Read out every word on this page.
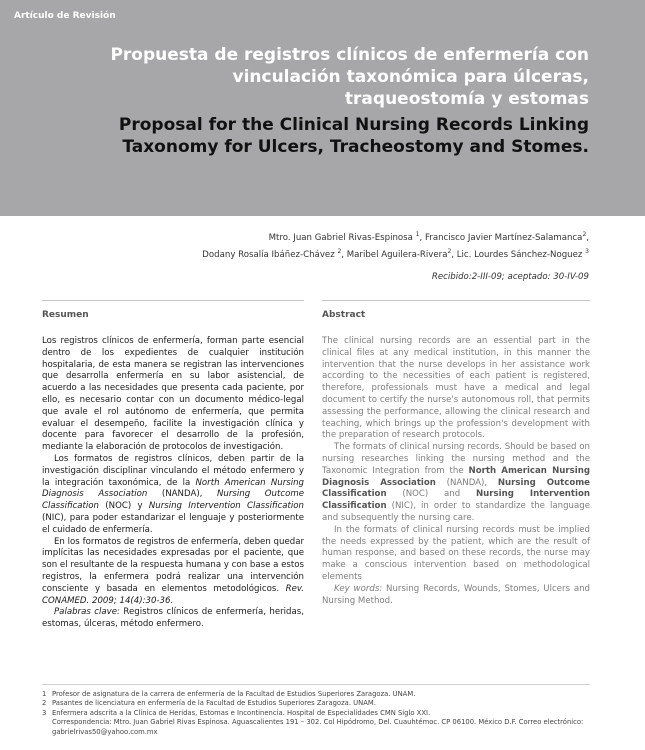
Artículo de Revisión
Propuesta de registros clínicos de enfermería con
vinculación taxonómica para úlceras,
traqueostomía y estomas
Proposal for the Clinical Nursing Records Linking
Taxonomy for Ulcers, Tracheostomy and Stomes.
Mtro. Juan Gabriel Rivas-Espinosa $^1$, Francisco Javier Martínez-Salamanca$^2$,
Dodany Rosalía Ibáñez-Chávez $^2$, Maribel Aguilera-Rivera$^2$, Lic. Lourdes Sánchez-Noguez $^3$
Recibido:2-III-09; aceptado: 30-IV-09
Resumen	Abstract

Los registros clínicos de enfermería, forman parte esencial dentro de los expedientes de cualquier institución hospitalaria, de esta manera se registran las intervenciones que desarrolla enfermería en su labor asistencial, de acuerdo a las necesidades que presenta cada paciente, por ello, es necesario contar con un documento médico-legal que avale el rol autónomo de enfermería, que permita evaluar el desempeño, facilite la investigación clínica y docente para favorecer el desarrollo de la profesión, mediante la elaboración de protocolos de investigación.

Los formatos de registros clínicos, deben partir de la investigación disciplinar vinculando el método enfermero y la integración taxonómica, de la North American Nursing Diagnosis Association (NANDA), Nursing Outcome Classification (NOC) y Nursing Intervention Classification (NIC), para poder estandarizar el lenguaje y posteriormente el cuidado de enfermería.

En los formatos de registros de enfermería, deben quedar implícitas las necesidades expresadas por el paciente, que son el resultante de la respuesta humana y con base a estos registros, la enfermera podrá realizar una intervención consciente y basada en elementos metodológicos. Rev. CONAMED. 2009; 14(4):30-36.

Palabras clave: Registros clínicos de enfermería, heridas, estomas, úlceras, método enfermero.

The clinical nursing records are an essential part in the clinical files at any medical institution, in this manner the intervention that the nurse develops in her assistance work according to the necessities of each patient is registered, therefore, professionals must have a medical and legal document to certify the nurse's autonomous roll, that permits assessing the performance, allowing the clinical research and teaching, which brings up the profession's development with the preparation of research protocols.

The formats of clinical nursing records. Should be based on nursing researches linking the nursing method and the Taxonomic Integration from the North American Nursing Diagnosis Association (NANDA), Nursing Outcome Classification (NOC) and Nursing Intervention Classification (NIC), in order to standardize the language and subsequently the nursing care.

In the formats of clinical nursing records must be implied the needs expressed by the patient, which are the result of human response, and based on these records, the nurse may make a conscious intervention based on methodological elements

Key words: Nursing Records, Wounds, Stomes, Ulcers and Nursing Method.

1 Profesor de asignatura de la carrera de enfermería de la Facultad de Estudios Superiores Zaragoza. UNAM.
2 Pasantes de licenciatura en enfermería de la Facultad de Estudios Superiores Zaragoza. UNAM.
3 Enfermera adscrita a la Clínica de Heridas, Estomas e Incontinencia. Hospital de Especialidades CMN Siglo XXI.
Correspondencia: Mtro. Juan Gabriel Rivas Espinosa. Aguascalientes 191 – 302. Col Hipódromo, Del. Cuauhtémoc. CP 06100. México D.F. Correo electrónico: gabrielrivas50@yahoo.com.mx
